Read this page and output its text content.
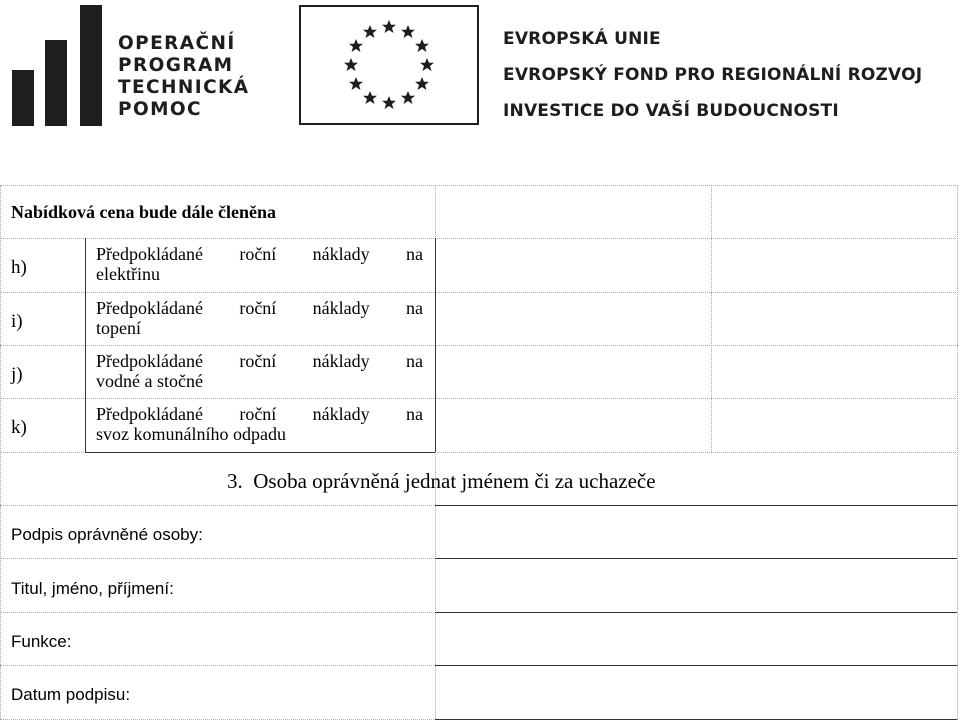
OPERAČNÍ
PROGRAM
TECHNICKÁ
POMOC
EVROPSKÁ UNIE
EVROPSKÝ FOND PRO REGIONÁLNÍ ROZVOJ
INVESTICE DO VAŠÍ BUDOUCNOSTI
Nabídková cena bude dále členěna
h)
Předpokládané roční náklady na
elektřinu
i)
Předpokládané roční náklady na
topení
j)
Předpokládané roční náklady na
vodné a stočné
k)
Předpokládané roční náklady na
svoz komunálního odpadu
3.  Osoba oprávněná jednat jménem či za uchazeče
Podpis oprávněné osoby:
Titul, jméno, příjmení:
Funkce:
Datum podpisu:
